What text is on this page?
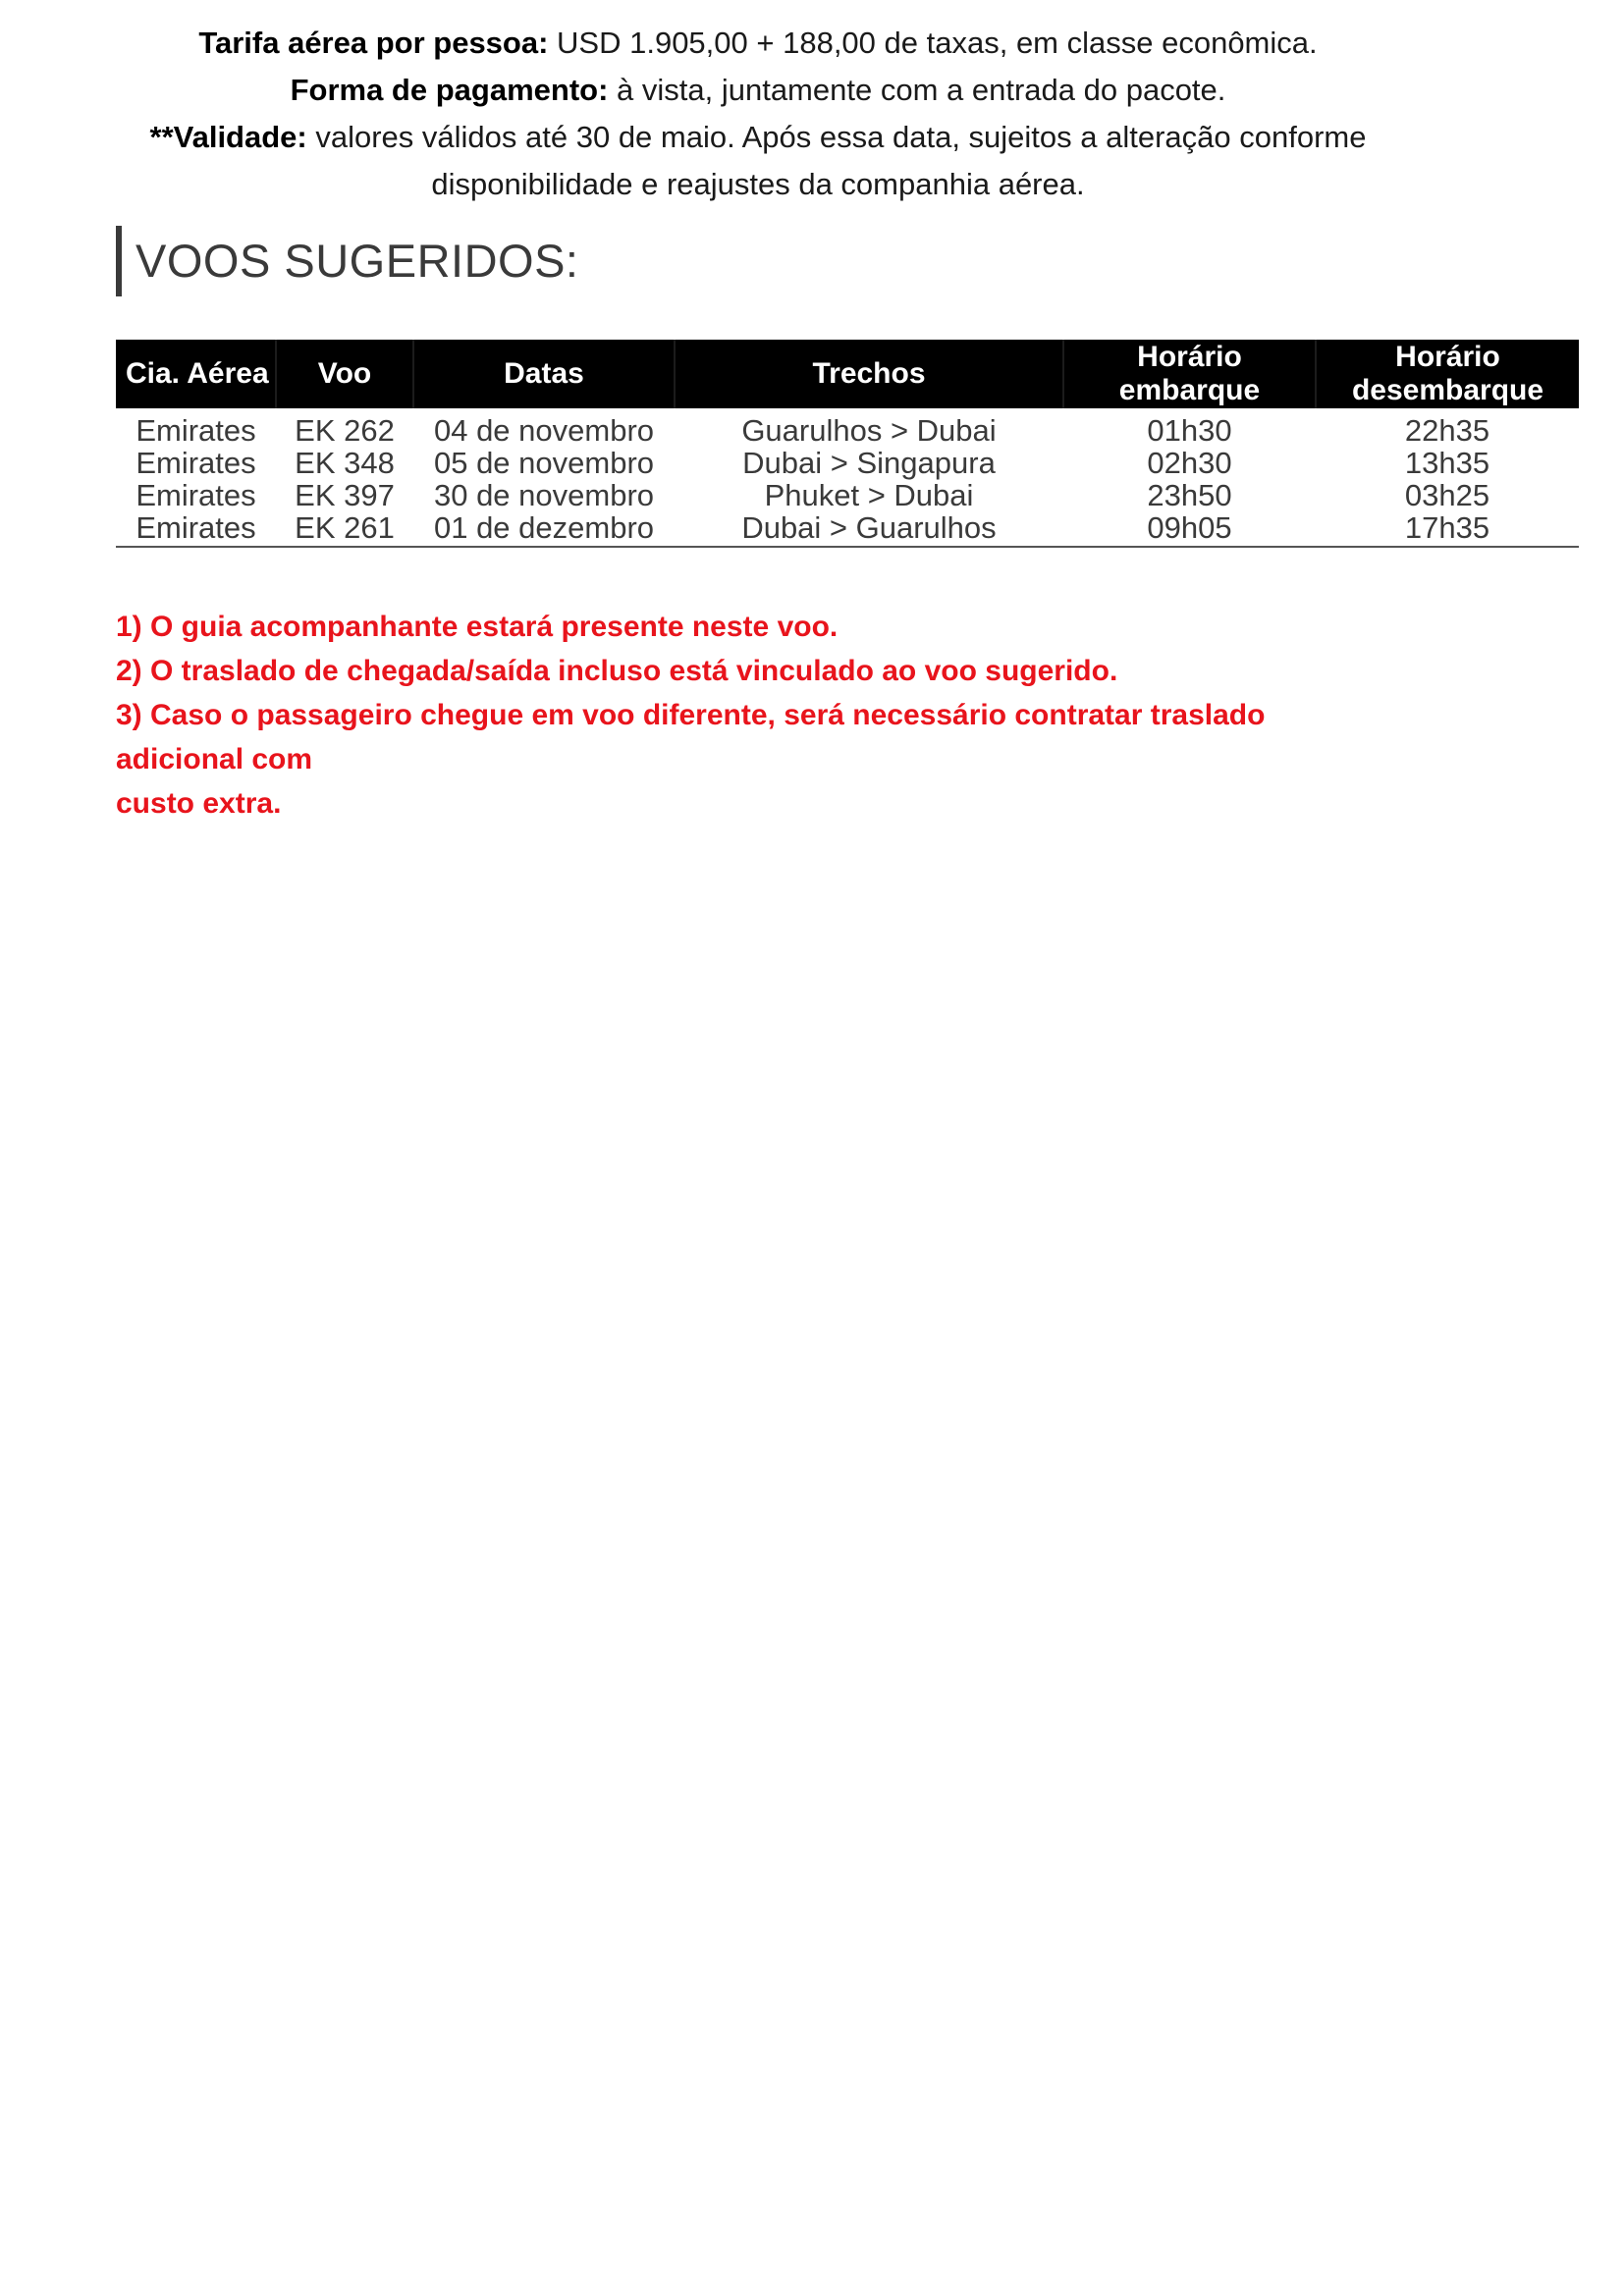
Tarifa aérea por pessoa: USD 1.905,00 + 188,00 de taxas, em classe econômica.
Forma de pagamento: à vista, juntamente com a entrada do pacote.
**Validade: valores válidos até 30 de maio. Após essa data, sujeitos a alteração conforme
disponibilidade e reajustes da companhia aérea.
VOOS SUGERIDOS:
Cia. Aérea	Voo	Datas	Trechos	Horário embarque	Horário desembarque
Emirates	EK 262	04 de novembro	Guarulhos > Dubai	01h30	22h35
Emirates	EK 348	05 de novembro	Dubai > Singapura	02h30	13h35
Emirates	EK 397	30 de novembro	Phuket > Dubai	23h50	03h25
Emirates	EK 261	01 de dezembro	Dubai > Guarulhos	09h05	17h35
1) O guia acompanhante estará presente neste voo.
2) O traslado de chegada/saída incluso está vinculado ao voo sugerido.
3) Caso o passageiro chegue em voo diferente, será necessário contratar traslado adicional com
custo extra.
